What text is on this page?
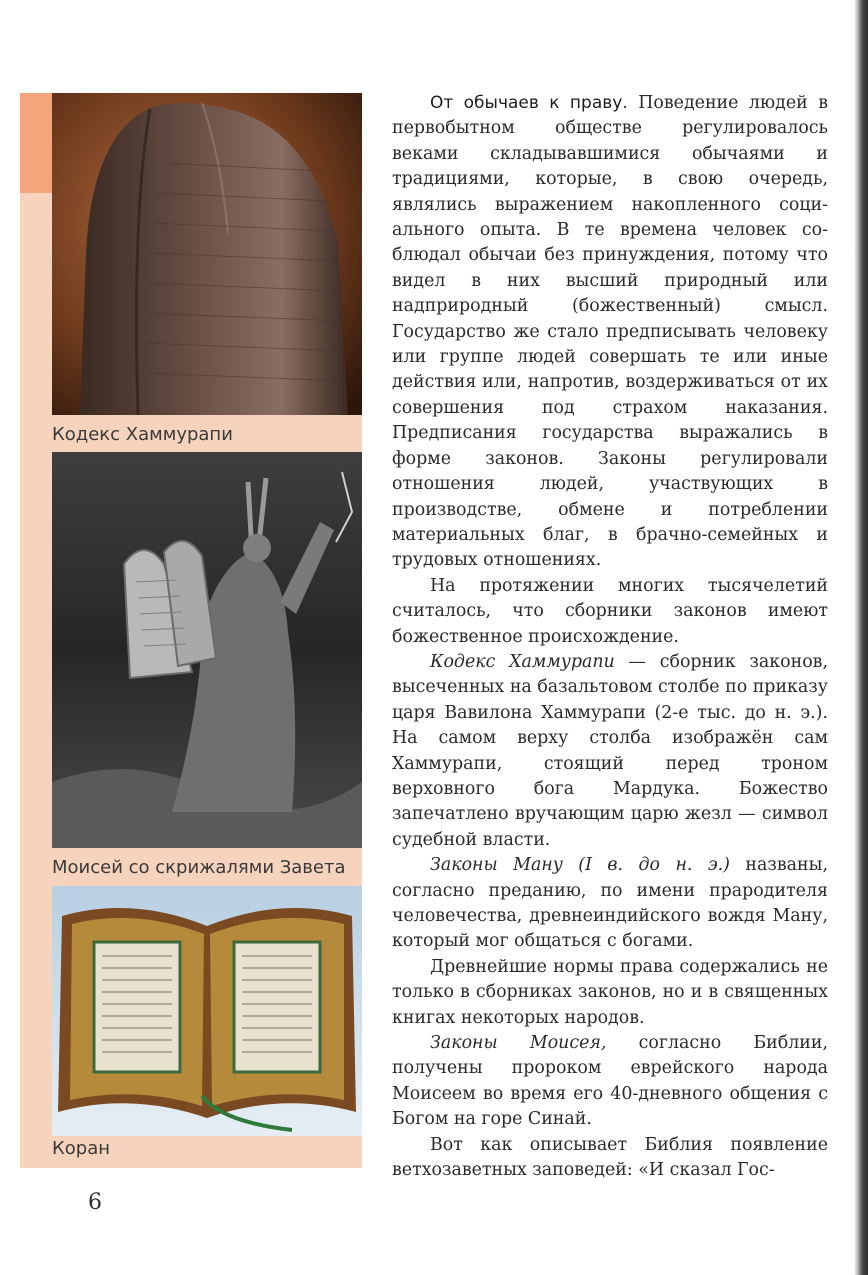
Кодекс Хаммурапи
Моисей со скрижалями Завета
Коран

От обычаев к праву. Поведение людей в первобытном обществе регулировалось веками складывавшимися обычаями и традициями, которые, в свою очередь, являлись выражением накопленного социального опыта. В те времена человек соблюдал обычаи без принуждения, потому что видел в них высший природный или надприродный (божественный) смысл. Государство же стало предписывать человеку или группе людей совершать те или иные действия или, напротив, воздерживаться от их совершения под страхом наказания. Предписания государства выражались в форме законов. Законы регулировали отношения людей, участвующих в производстве, обмене и потреблении материальных благ, в брачно-семейных и трудовых отношениях.

На протяжении многих тысячелетий считалось, что сборники законов имеют божественное происхождение.

Кодекс Хаммурапи — сборник законов, высеченных на базальтовом столбе по приказу царя Вавилона Хаммурапи (2-е тыс. до н. э.). На самом верху столба изображён сам Хаммурапи, стоящий перед троном верховного бога Мардука. Божество запечатлено вручающим царю жезл — символ судебной власти.

Законы Ману (I в. до н. э.) названы, согласно преданию, по имени прародителя человечества, древнеиндийского вождя Ману, который мог общаться с богами.

Древнейшие нормы права содержались не только в сборниках законов, но и в священных книгах некоторых народов.

Законы Моисея, согласно Библии, получены пророком еврейского народа Моисеем во время его 40-дневного общения с Богом на горе Синай.

Вот как описывает Библия появление ветхозаветных заповедей: «И сказал Гос-

6
